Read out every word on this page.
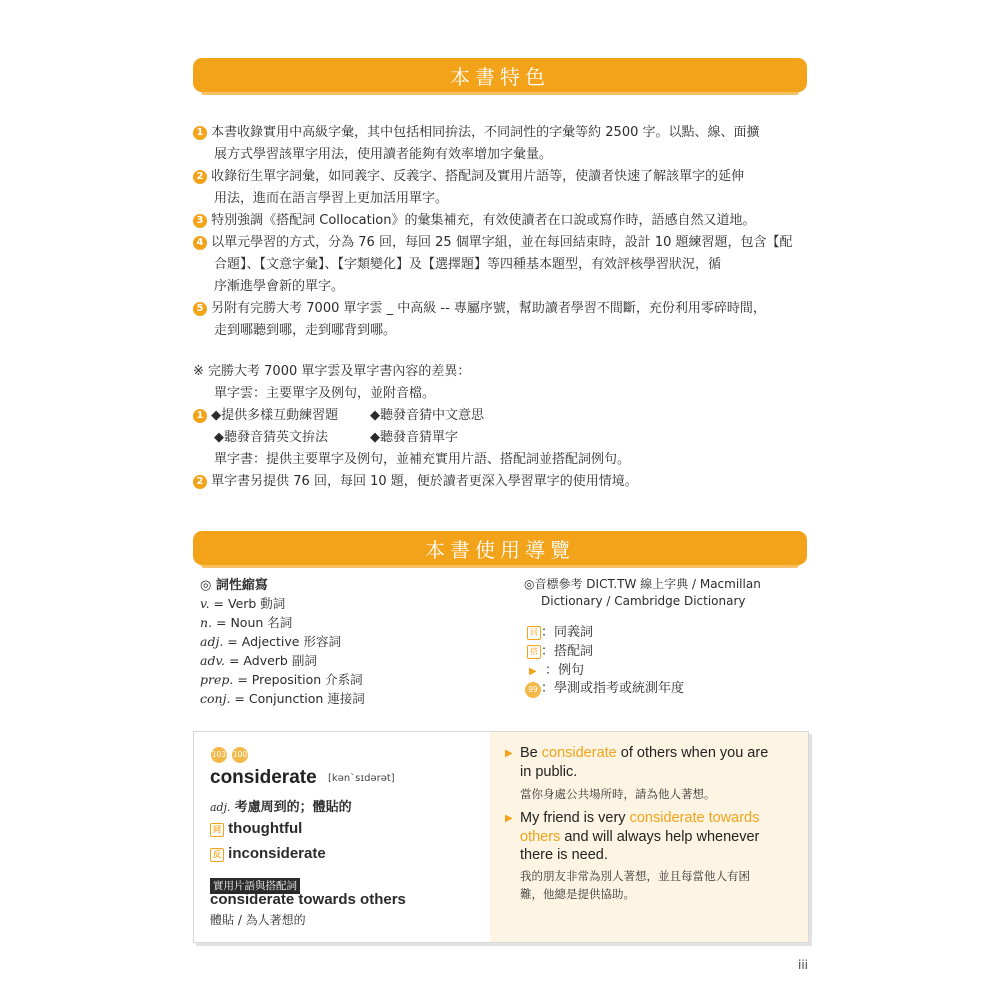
本書特色
1 本書收錄實用中高級字彙，其中包括相同拚法，不同詞性的字彙等約 2500 字。以點、線、面擴
展方式學習該單字用法，使用讀者能夠有效率增加字彙量。
2 收錄衍生單字詞彙，如同義字、反義字、搭配詞及實用片語等，使讀者快速了解該單字的延伸
用法，進而在語言學習上更加活用單字。
3 特別強調《搭配詞 Collocation》的彙集補充，有效使讀者在口說或寫作時，語感自然又道地。
4 以單元學習的方式，分為 76 回，每回 25 個單字組，並在每回結束時，設計 10 題練習題，包含【配
合題】、【文意字彙】、【字類變化】及【選擇題】等四種基本題型，有效評核學習狀況，循
序漸進學會新的單字。
5 另附有完勝大考 7000 單字雲 _ 中高級 -- 專屬序號，幫助讀者學習不間斷，充份利用零碎時間，
走到哪聽到哪，走到哪背到哪。
※ 完勝大考 7000 單字雲及單字書內容的差異：
單字雲：主要單字及例句，並附音檔。
1 ◆提供多樣互動練習題 ◆聽發音猜中文意思
◆聽發音猜英文拚法	◆聽發音猜單字
單字書：提供主要單字及例句，並補充實用片語、搭配詞並搭配詞例句。
2 單字書另提供 76 回，每回 10 題，便於讀者更深入學習單字的使用情境。
本書使用導覽
◎ 詞性縮寫
v. = Verb 動詞
n. = Noun 名詞
adj. = Adjective 形容詞
adv. = Adverb 副詞
prep. = Preposition 介系詞
conj. = Conjunction 連接詞
◎音標參考 DICT.TW 線上字典 / Macmillan
Dictionary / Cambridge Dictionary
同 ：同義詞
搭 ：搭配詞
▶ ：例句
99 ：學測或指考或統測年度
103 100
considerate [kən`sɪdərət]
adj. 考慮周到的；體貼的
同 thoughtful
反 inconsiderate
實用片語與搭配詞
considerate towards others
體貼 / 為人著想的
▶ Be considerate of others when you are
in public.
當你身處公共場所時，請為他人著想。
▶ My friend is very considerate towards
others and will always help whenever
there is need.
我的朋友非常為別人著想，並且每當他人有困
難，他總是提供協助。
iii
